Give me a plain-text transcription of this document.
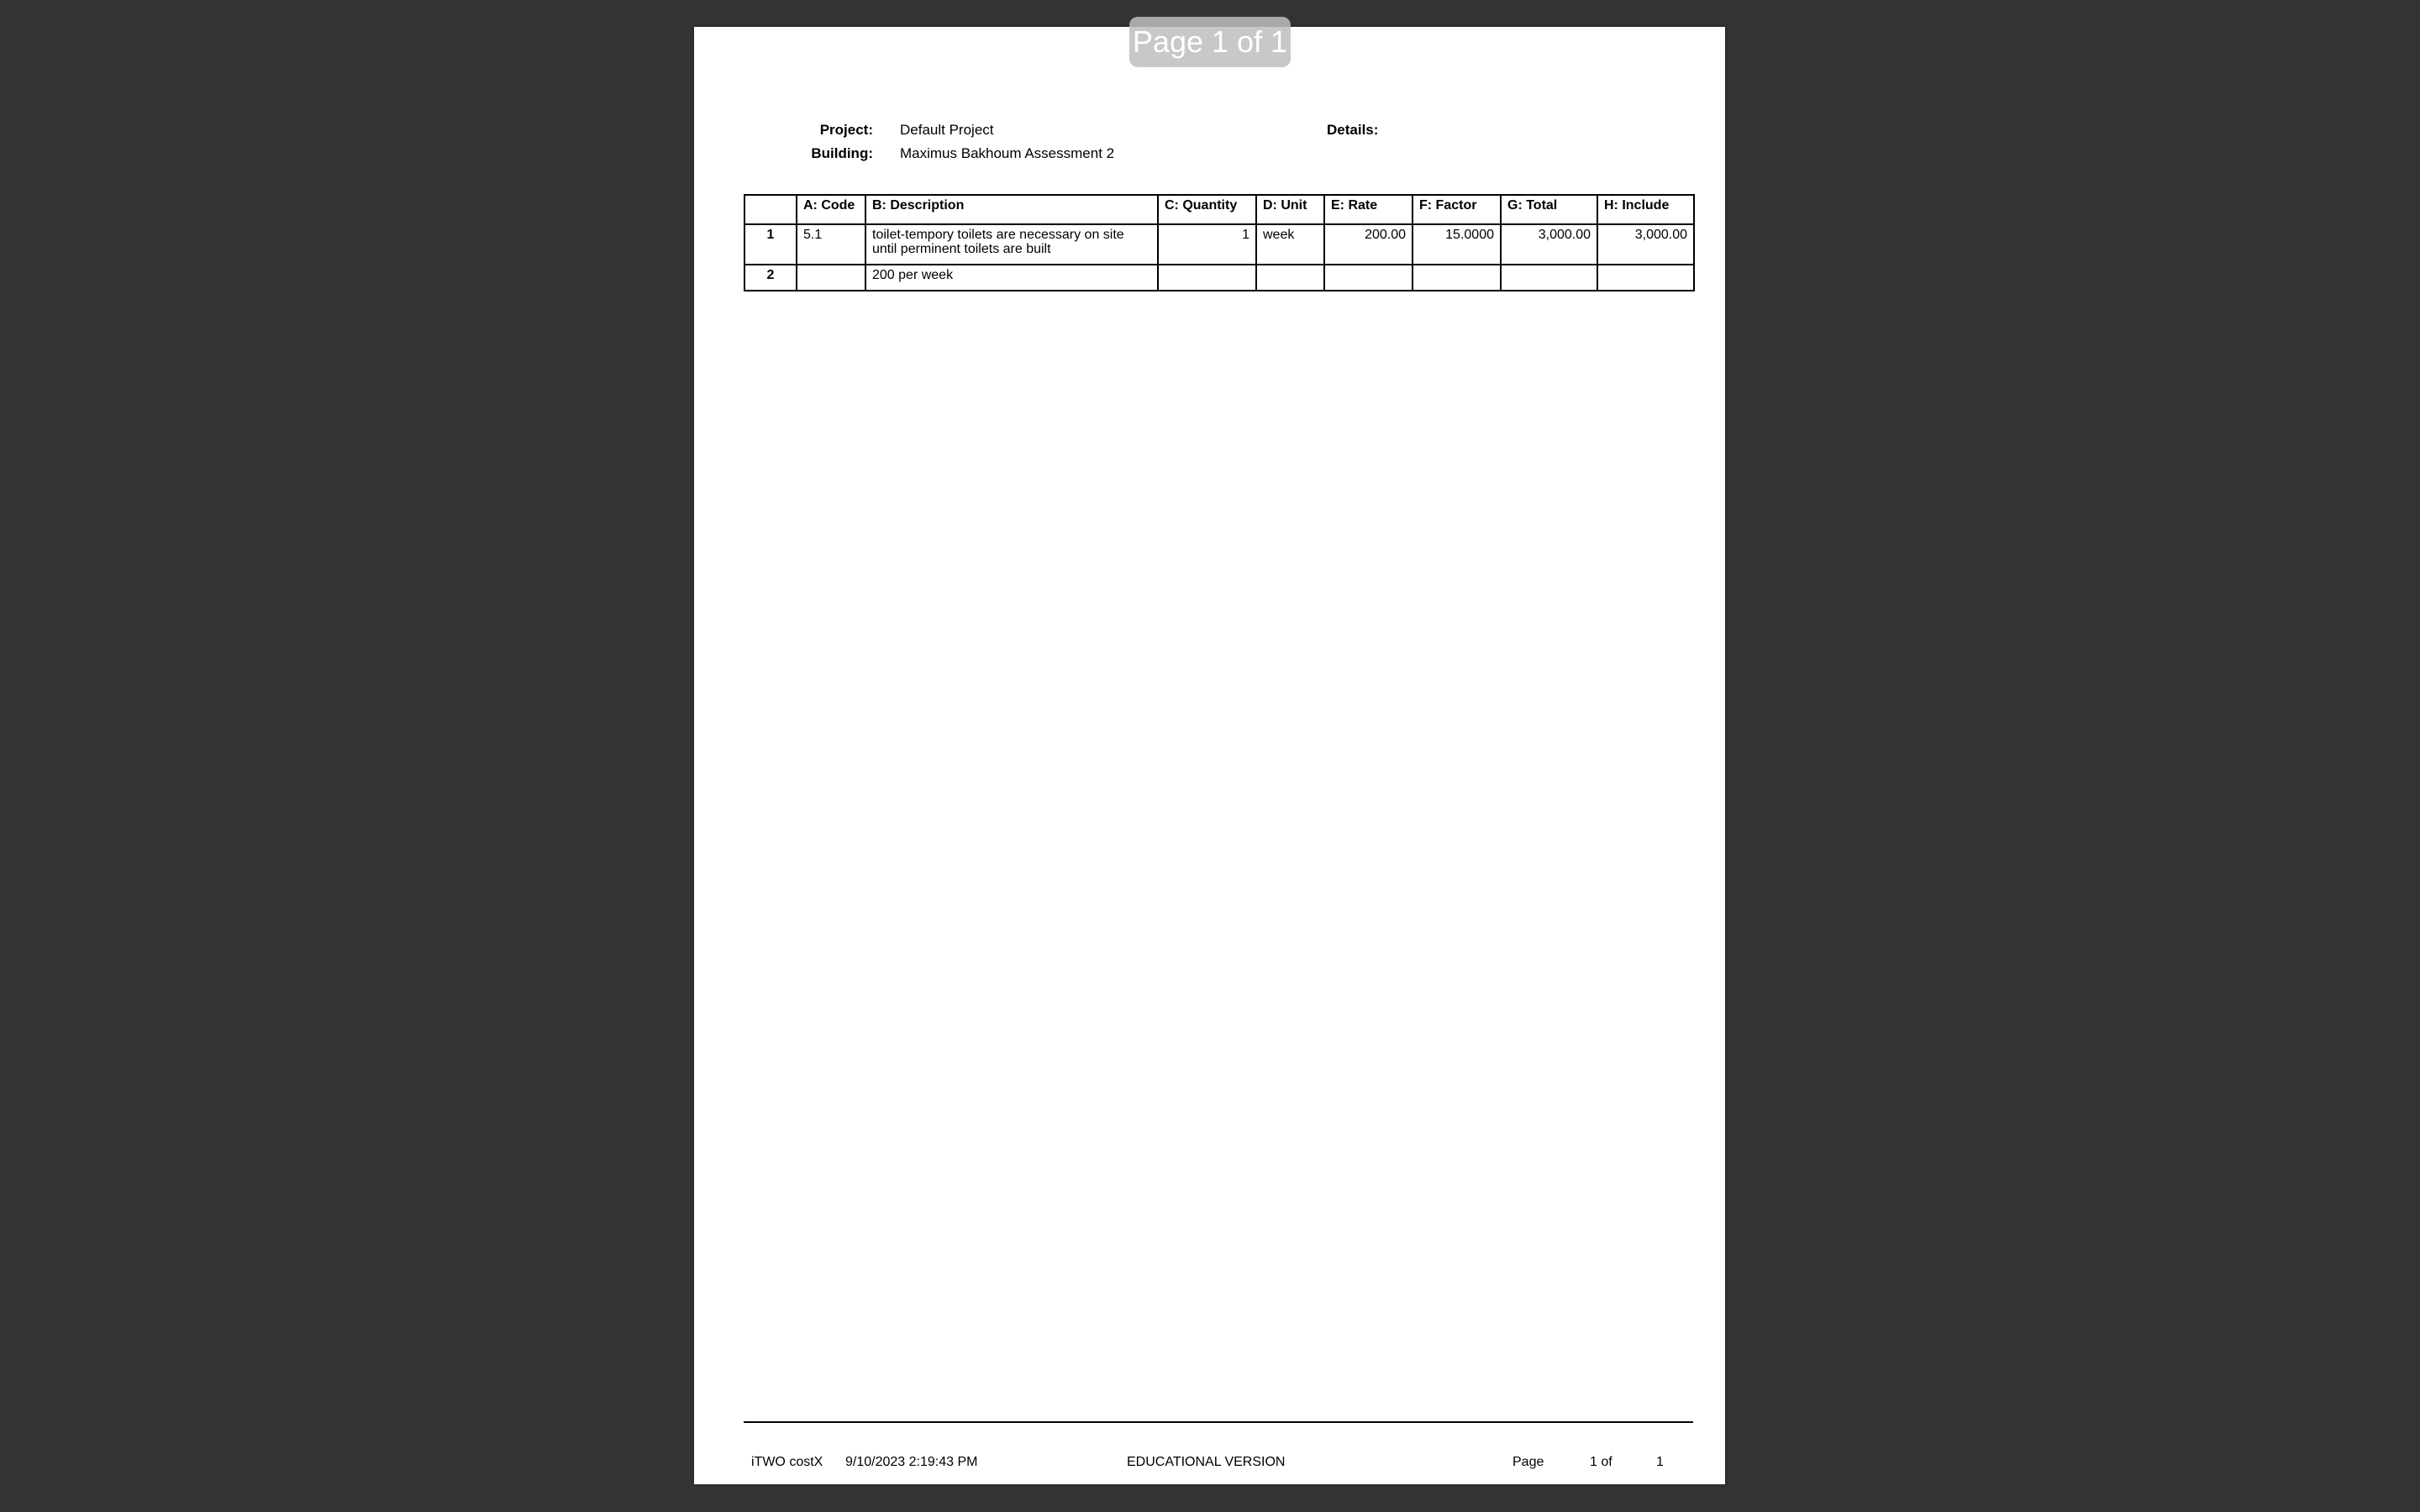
Page 1 of 1
Project: Default Project
Building: Maximus Bakhoum Assessment 2
Details:
	A: Code	B: Description	C: Quantity	D: Unit	E: Rate	F: Factor	G: Total	H: Include
1	5.1	toilet-tempory toilets are necessary on site until perminent toilets are built	1	week	200.00	15.0000	3,000.00	3,000.00
2		200 per week						
iTWO costX 9/10/2023 2:19:43 PM	EDUCATIONAL VERSION	Page	1 of	1
